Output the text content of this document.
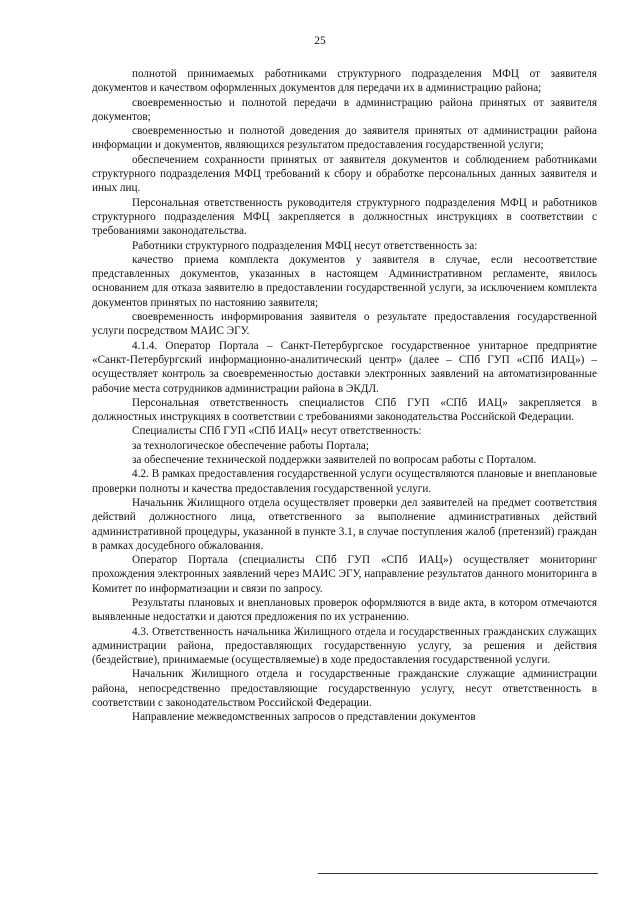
25

полнотой принимаемых работниками структурного подразделения МФЦ от заявителя документов и качеством оформленных документов для передачи их в администрацию района;

своевременностью и полнотой передачи в администрацию района принятых от заявителя документов;

своевременностью и полнотой доведения до заявителя принятых от администрации района информации и документов, являющихся результатом предоставления государственной услуги;

обеспечением сохранности принятых от заявителя документов и соблюдением работниками структурного подразделения МФЦ требований к сбору и обработке персональных данных заявителя и иных лиц.

Персональная ответственность руководителя структурного подразделения МФЦ и работников структурного подразделения МФЦ закрепляется в должностных инструкциях в соответствии с требованиями законодательства.

Работники структурного подразделения МФЦ несут ответственность за:

качество приема комплекта документов у заявителя в случае, если несоответствие представленных документов, указанных в настоящем Административном регламенте, явилось основанием для отказа заявителю в предоставлении государственной услуги, за исключением комплекта документов принятых по настоянию заявителя;

своевременность информирования заявителя о результате предоставления государственной услуги посредством МАИС ЭГУ.

4.1.4. Оператор Портала – Санкт-Петербургское государственное унитарное предприятие «Санкт-Петербургский информационно-аналитический центр» (далее – СПб ГУП «СПб ИАЦ») – осуществляет контроль за своевременностью доставки электронных заявлений на автоматизированные рабочие места сотрудников администрации района в ЭКДЛ.

Персональная ответственность специалистов СПб ГУП «СПб ИАЦ» закрепляется в должностных инструкциях в соответствии с требованиями законодательства Российской Федерации.

Специалисты СПб ГУП «СПб ИАЦ» несут ответственность:

за технологическое обеспечение работы Портала;

за обеспечение технической поддержки заявителей по вопросам работы с Порталом.

4.2. В рамках предоставления государственной услуги осуществляются плановые и внеплановые проверки полноты и качества предоставления государственной услуги.

Начальник Жилищного отдела осуществляет проверки дел заявителей на предмет соответствия действий должностного лица, ответственного за выполнение административных действий административной процедуры, указанной в пункте 3.1, в случае поступления жалоб (претензий) граждан в рамках досудебного обжалования.

Оператор Портала (специалисты СПб ГУП «СПб ИАЦ») осуществляет мониторинг прохождения электронных заявлений через МАИС ЭГУ, направление результатов данного мониторинга в Комитет по информатизации и связи по запросу.

Результаты плановых и внеплановых проверок оформляются в виде акта, в котором отмечаются выявленные недостатки и даются предложения по их устранению.

4.3. Ответственность начальника Жилищного отдела и государственных гражданских служащих администрации района, предоставляющих государственную услугу, за решения и действия (бездействие), принимаемые (осуществляемые) в ходе предоставления государственной услуги.

Начальник Жилищного отдела и государственные гражданские служащие администрации района, непосредственно предоставляющие государственную услугу, несут ответственность в соответствии с законодательством Российской Федерации.

Направление межведомственных запросов о представлении документов
